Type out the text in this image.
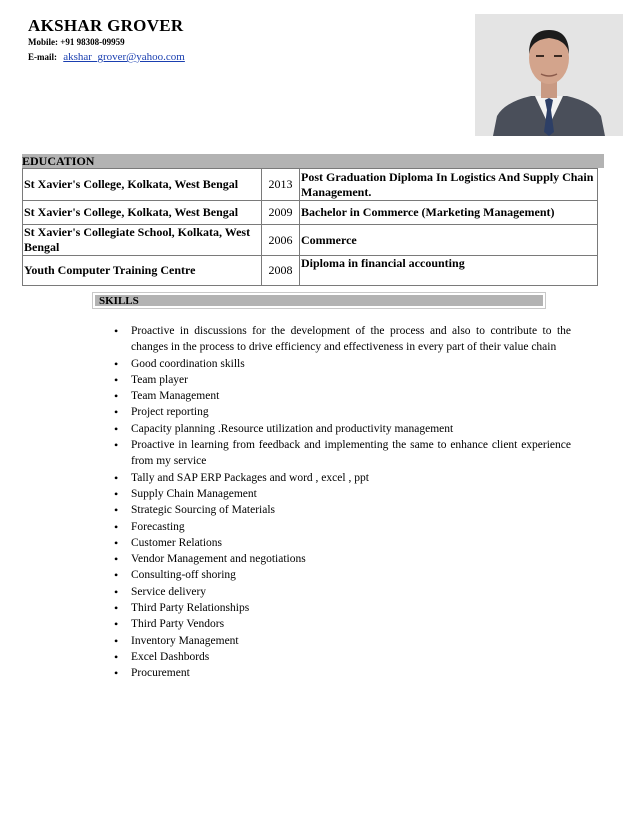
AKSHAR GROVER
Mobile: +91 98308-09959
E-mail: akshar_grover@yahoo.com
EDUCATION
St Xavier's College, Kolkata, West Bengal	2013	Post Graduation Diploma In Logistics And Supply Chain Management.
St Xavier's College, Kolkata, West Bengal	2009	Bachelor in Commerce (Marketing Management)
St Xavier's Collegiate School, Kolkata, West Bengal	2006	Commerce
Youth Computer Training Centre	2008	Diploma in financial accounting
SKILLS
• Proactive in discussions for the development of the process and also to contribute to the changes in the process to drive efficiency and effectiveness in every part of their value chain
• Good coordination skills
• Team player
• Team Management
• Project reporting
• Capacity planning .Resource utilization and productivity management
• Proactive in learning from feedback and implementing the same to enhance client experience from my service
• Tally and SAP ERP Packages and word , excel , ppt
• Supply Chain Management
• Strategic Sourcing of Materials
• Forecasting
• Customer Relations
• Vendor Management and negotiations
• Consulting-off shoring
• Service delivery
• Third Party Relationships
• Third Party Vendors
• Inventory Management
• Excel Dashbords
• Procurement
